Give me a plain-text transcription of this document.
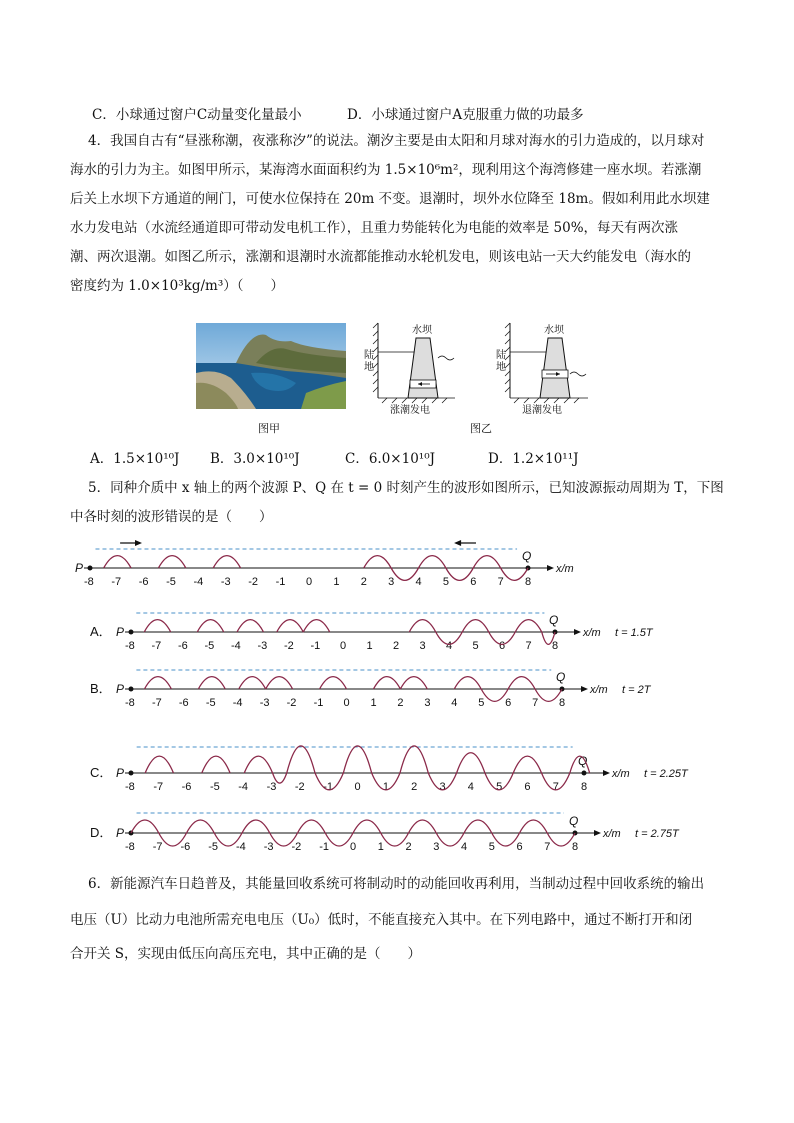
C．小球通过窗户C动量变化量最小	D．小球通过窗户A克服重力做的功最多
4．我国自古有“昼涨称潮，夜涨称汐”的说法。潮汐主要是由太阳和月球对海水的引力造成的，以月球对
海水的引力为主。如图甲所示，某海湾水面面积约为 1.5×10⁶m²，现利用这个海湾修建一座水坝。若涨潮
后关上水坝下方通道的闸门，可使水位保持在 20m 不变。退潮时，坝外水位降至 18m。假如利用此水坝建
水力发电站（水流经通道即可带动发电机工作），且重力势能转化为电能的效率是 50%，每天有两次涨
潮、两次退潮。如图乙所示，涨潮和退潮时水流都能推动水轮机发电，则该电站一天大约能发电（海水的
密度约为 1.0×10³kg/m³）（　　）
图甲
陆
地
水坝
涨潮发电
陆
地
水坝
退潮发电
图乙
A．1.5×10¹⁰J B．3.0×10¹⁰J	C．6.0×10¹⁰J	D．1.2×10¹¹J
5．同种介质中 x 轴上的两个波源 P、Q 在 t = 0 时刻产生的波形如图所示，已知波源振动周期为 T，下图
中各时刻的波形错误的是（　　）
P
Q
x/m
-8 -7 -6 -5 -4 -3 -2 -1 0 1 2 3 4 5 6 7 8
P
Q
x/m
A．	t = 1.5T
-8 -7 -6 -5 -4 -3 -2 -1 0 1 2 3 4 5 6 7 8
P
Q
x/m
B．	t = 2T
-8 -7 -6 -5 -4 -3 -2 -1 0 1 2 3 4 5 6 7 8
P
Q
x/m
C．	t = 2.25T
-8 -7 -6 -5 -4 -3 -2 -1 0 1 2 3 4 5 6 7 8
P
Q
x/m
D．	t = 2.75T
-8 -7 -6 -5 -4 -3 -2 -1 0 1 2 3 4 5 6 7 8
6．新能源汽车日趋普及，其能量回收系统可将制动时的动能回收再利用，当制动过程中回收系统的输出
电压（U）比动力电池所需充电电压（U₀）低时，不能直接充入其中。在下列电路中，通过不断打开和闭
合开关 S，实现由低压向高压充电，其中正确的是（　　）
